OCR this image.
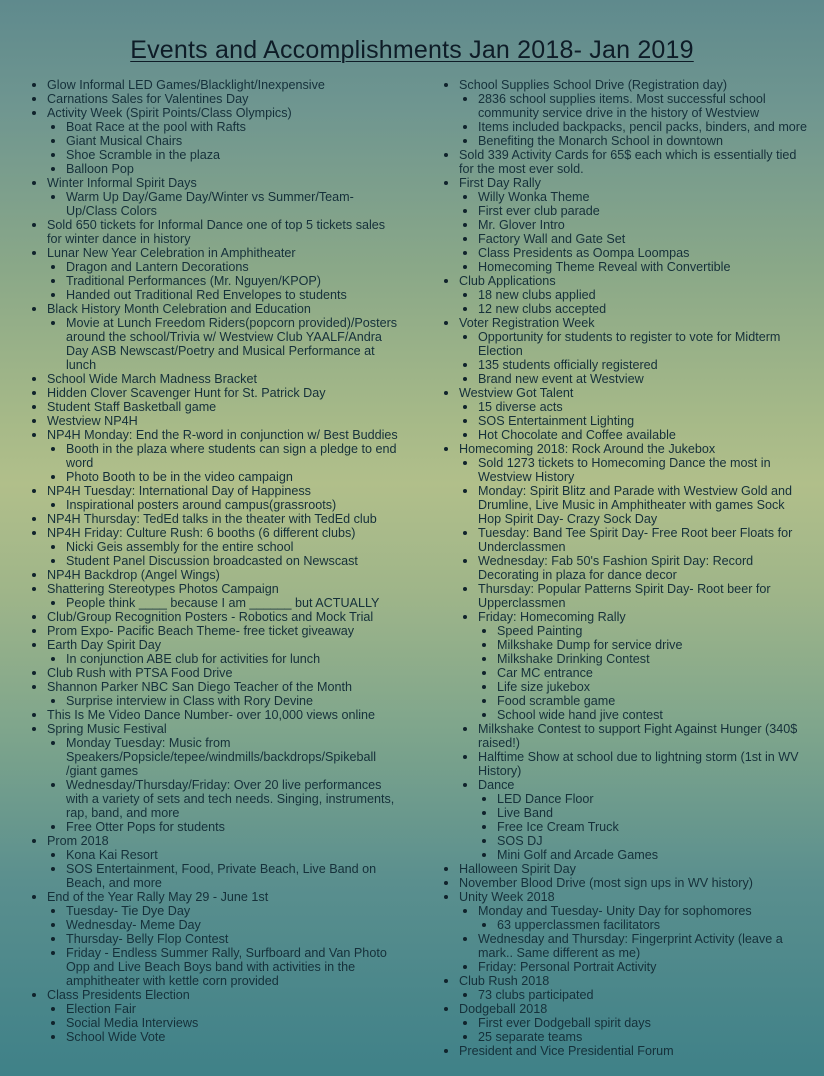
Events and Accomplishments Jan 2018- Jan 2019
Glow Informal LED Games/Blacklight/Inexpensive
Carnations Sales for Valentines Day
Activity Week (Spirit Points/Class Olympics)
Boat Race at the pool with Rafts
Giant Musical Chairs
Shoe Scramble in the plaza
Balloon Pop
Winter Informal Spirit Days
Warm Up Day/Game Day/Winter vs Summer/Team-Up/Class Colors
Sold 650 tickets for Informal Dance one of top 5 tickets sales for winter dance in history
Lunar New Year Celebration in Amphitheater
Dragon and Lantern Decorations
Traditional Performances (Mr. Nguyen/KPOP)
Handed out Traditional Red Envelopes to students
Black History Month Celebration and Education
Movie at Lunch Freedom Riders(popcorn provided)/Posters around the school/Trivia w/ Westview Club YAALF/Andra Day ASB Newscast/Poetry and Musical Performance at lunch
School Wide March Madness Bracket
Hidden Clover Scavenger Hunt for St. Patrick Day
Student Staff Basketball game
Westview NP4H
NP4H Monday: End the R-word in conjunction w/ Best Buddies
Booth in the plaza where students can sign a pledge to end word
Photo Booth to be in the video campaign
NP4H Tuesday: International Day of Happiness
Inspirational posters around campus(grassroots)
NP4H Thursday: TedEd talks in the theater with TedEd club
NP4H Friday: Culture Rush: 6 booths (6 different clubs)
Nicki Geis assembly for the entire school
Student Panel Discussion broadcasted on Newscast
NP4H Backdrop (Angel Wings)
Shattering Stereotypes Photos Campaign
People think ____ because I am ______ but ACTUALLY
Club/Group Recognition Posters - Robotics and Mock Trial
Prom Expo- Pacific Beach Theme- free ticket giveaway
Earth Day Spirit Day
In conjunction ABE club for activities for lunch
Club Rush with PTSA Food Drive
Shannon Parker NBC San Diego Teacher of the Month
Surprise interview in Class with Rory Devine
This Is Me Video Dance Number- over 10,000 views online
Spring Music Festival
Monday Tuesday: Music from Speakers/Popsicle/tepee/windmills/backdrops/Spikeball /giant games
Wednesday/Thursday/Friday: Over 20 live performances with a variety of sets and tech needs. Singing, instruments, rap, band, and more
Free Otter Pops for students
Prom 2018
Kona Kai Resort
SOS Entertainment, Food, Private Beach, Live Band on Beach, and more
End of the Year Rally May 29 - June 1st
Tuesday- Tie Dye Day
Wednesday- Meme Day
Thursday- Belly Flop Contest
Friday - Endless Summer Rally, Surfboard and Van Photo Opp and Live Beach Boys band with activities in the amphitheater with kettle corn provided
Class Presidents Election
Election Fair
Social Media Interviews
School Wide Vote
School Supplies School Drive (Registration day)
2836 school supplies items. Most successful school community service drive in the history of Westview
Items included backpacks, pencil packs, binders, and more
Benefiting the Monarch School in downtown
Sold 339 Activity Cards for 65$ each which is essentially tied for the most ever sold.
First Day Rally
Willy Wonka Theme
First ever club parade
Mr. Glover Intro
Factory Wall and Gate Set
Class Presidents as Oompa Loompas
Homecoming Theme Reveal with Convertible
Club Applications
18 new clubs applied
12 new clubs accepted
Voter Registration Week
Opportunity for students to register to vote for Midterm Election
135 students officially registered
Brand new event at Westview
Westview Got Talent
15 diverse acts
SOS Entertainment Lighting
Hot Chocolate and Coffee available
Homecoming 2018: Rock Around the Jukebox
Sold 1273 tickets to Homecoming Dance the most in Westview History
Monday: Spirit Blitz and Parade with Westview Gold and Drumline, Live Music in Amphitheater with games Sock Hop Spirit Day- Crazy Sock Day
Tuesday: Band Tee Spirit Day- Free Root beer Floats for Underclassmen
Wednesday: Fab 50's Fashion Spirit Day: Record Decorating in plaza for dance decor
Thursday: Popular Patterns Spirit Day- Root beer for Upperclassmen
Friday: Homecoming Rally
Speed Painting
Milkshake Dump for service drive
Milkshake Drinking Contest
Car MC entrance
Life size jukebox
Food scramble game
School wide hand jive contest
Milkshake Contest to support Fight Against Hunger (340$ raised!)
Halftime Show at school due to lightning storm (1st in WV History)
Dance
LED Dance Floor
Live Band
Free Ice Cream Truck
SOS DJ
Mini Golf and Arcade Games
Halloween Spirit Day
November Blood Drive (most sign ups in WV history)
Unity Week 2018
Monday and Tuesday- Unity Day for sophomores
63 upperclassmen facilitators
Wednesday and Thursday: Fingerprint Activity (leave a mark.. Same different as me)
Friday: Personal Portrait Activity
Club Rush 2018
73 clubs participated
Dodgeball 2018
First ever Dodgeball spirit days
25 separate teams
President and Vice Presidential Forum
